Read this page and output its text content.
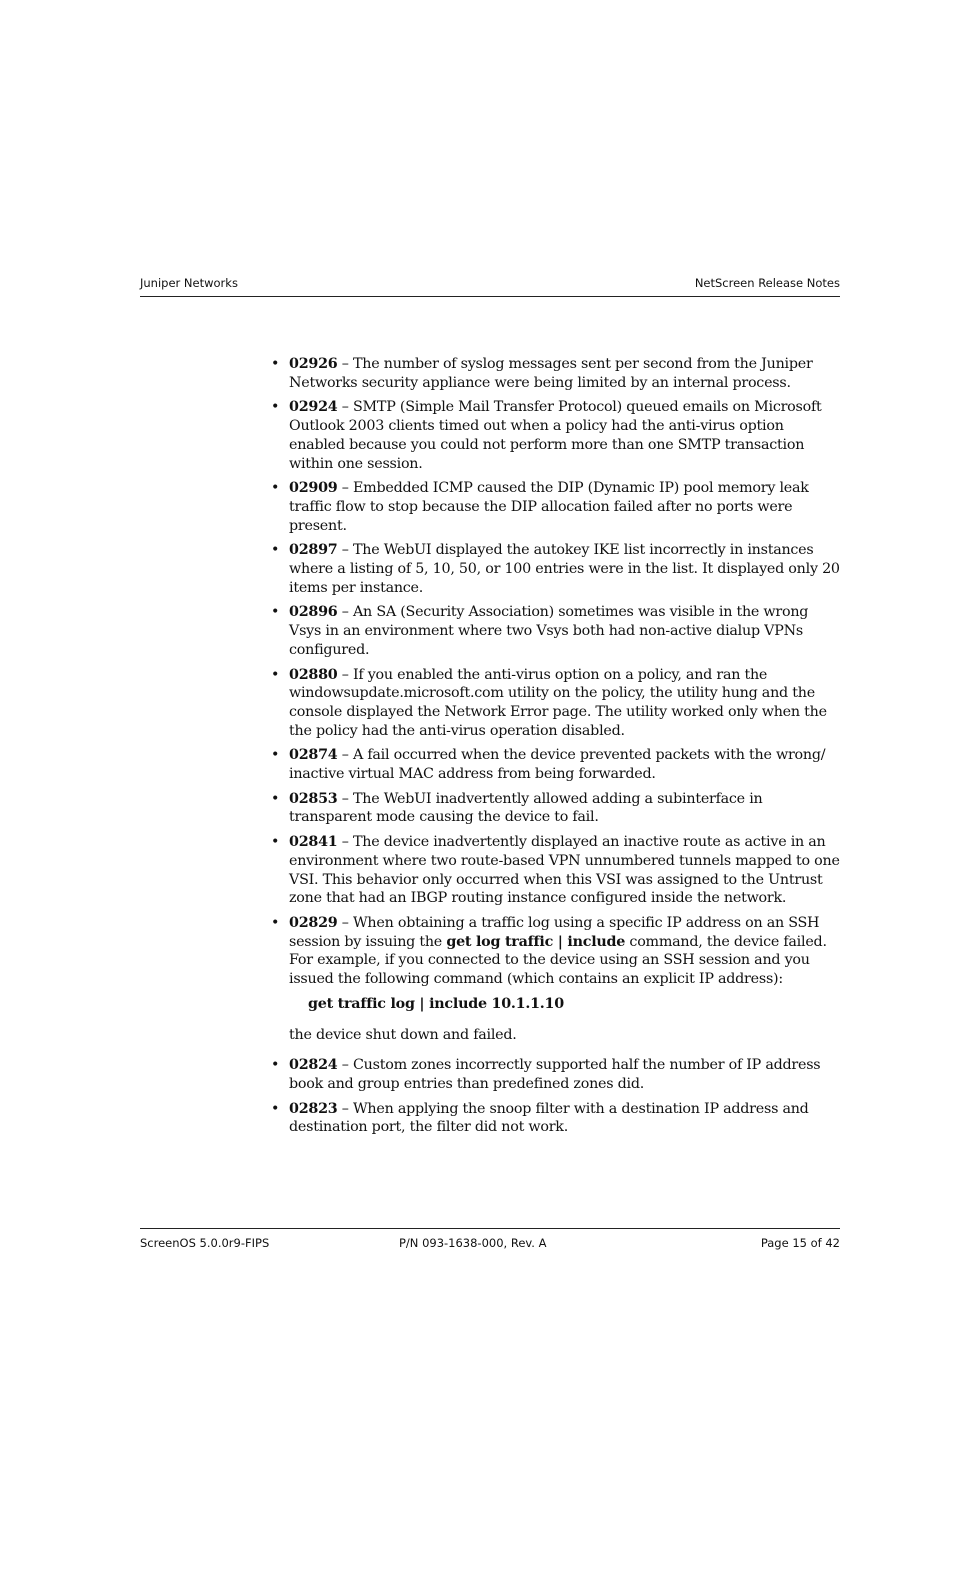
Juniper Networks	NetScreen Release Notes
• 02926 – The number of syslog messages sent per second from the Juniper Networks security appliance were being limited by an internal process.
• 02924 – SMTP (Simple Mail Transfer Protocol) queued emails on Microsoft Outlook 2003 clients timed out when a policy had the anti-virus option enabled because you could not perform more than one SMTP transaction within one session.
• 02909 – Embedded ICMP caused the DIP (Dynamic IP) pool memory leak traffic flow to stop because the DIP allocation failed after no ports were present.
• 02897 – The WebUI displayed the autokey IKE list incorrectly in instances where a listing of 5, 10, 50, or 100 entries were in the list. It displayed only 20 items per instance.
• 02896 – An SA (Security Association) sometimes was visible in the wrong Vsys in an environment where two Vsys both had non-active dialup VPNs configured.
• 02880 – If you enabled the anti-virus option on a policy, and ran the windowsupdate.microsoft.com utility on the policy, the utility hung and the console displayed the Network Error page. The utility worked only when the the policy had the anti-virus operation disabled.
• 02874 – A fail occurred when the device prevented packets with the wrong/ inactive virtual MAC address from being forwarded.
• 02853 – The WebUI inadvertently allowed adding a subinterface in transparent mode causing the device to fail.
• 02841 – The device inadvertently displayed an inactive route as active in an environment where two route-based VPN unnumbered tunnels mapped to one VSI. This behavior only occurred when this VSI was assigned to the Untrust zone that had an IBGP routing instance configured inside the network.
• 02829 – When obtaining a traffic log using a specific IP address on an SSH session by issuing the get log traffic | include command, the device failed. For example, if you connected to the device using an SSH session and you issued the following command (which contains an explicit IP address):
get traffic log | include 10.1.1.10
the device shut down and failed.
• 02824 – Custom zones incorrectly supported half the number of IP address book and group entries than predefined zones did.
• 02823 – When applying the snoop filter with a destination IP address and destination port, the filter did not work.
ScreenOS 5.0.0r9-FIPS	P/N 093-1638-000, Rev. A	Page 15 of 42
